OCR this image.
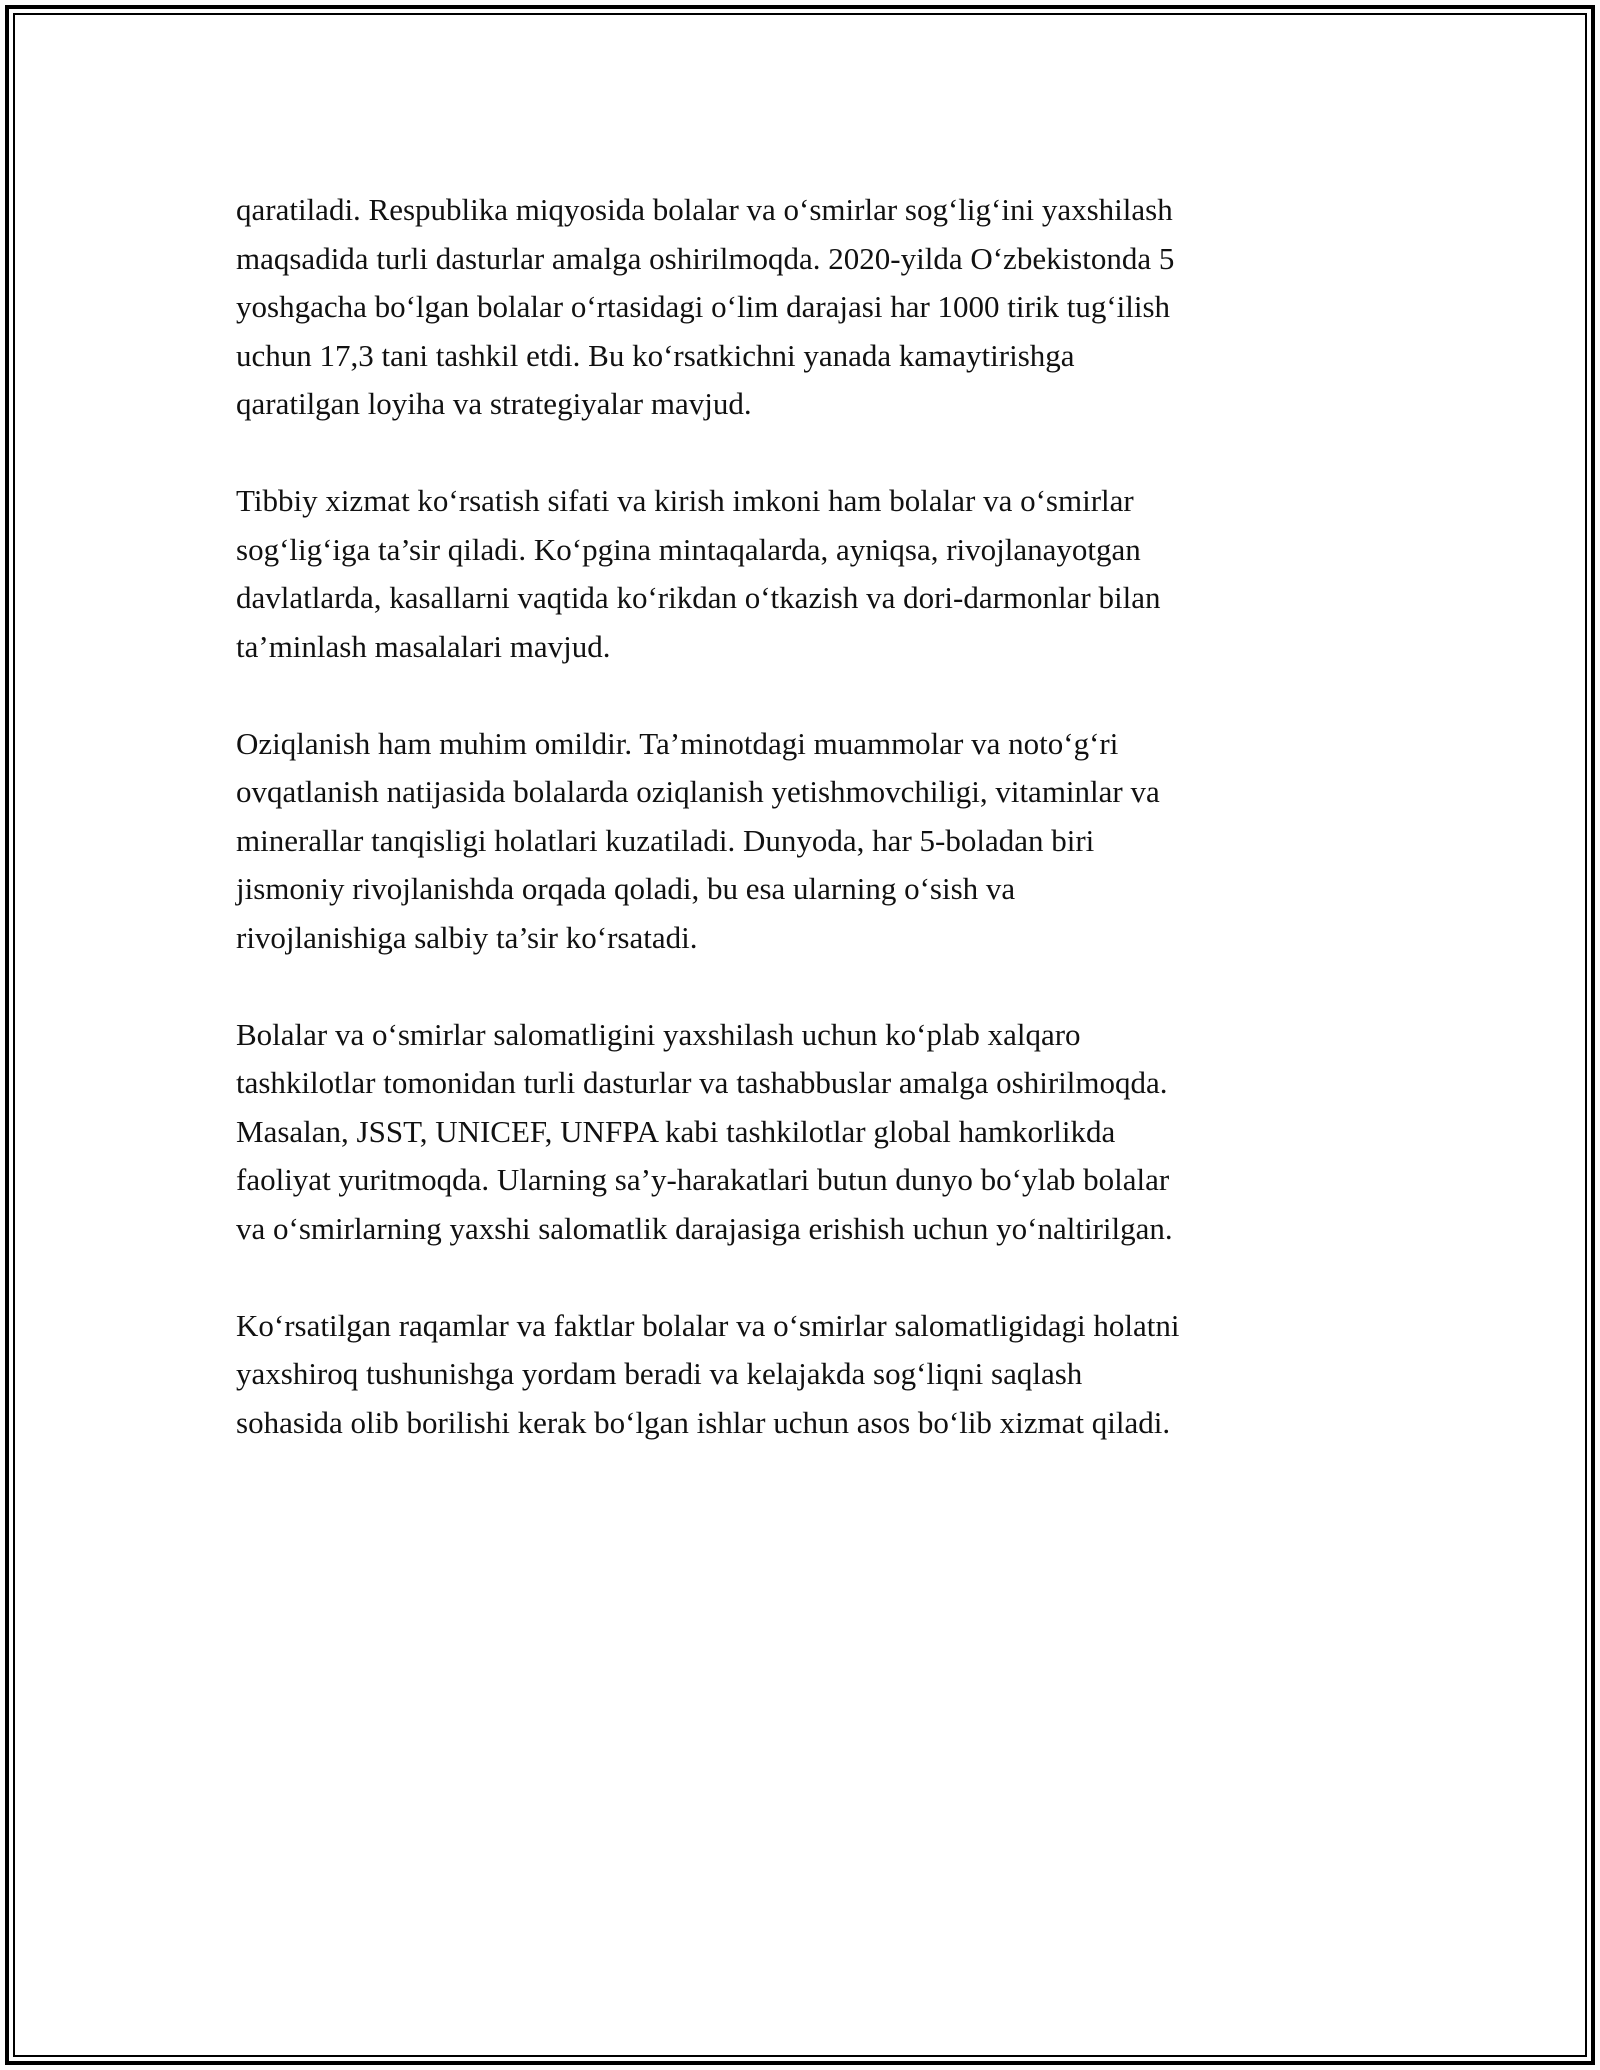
qaratiladi. Respublika miqyosida bolalar va o‘smirlar sog‘lig‘ini yaxshilash
maqsadida turli dasturlar amalga oshirilmoqda. 2020-yilda O‘zbekistonda 5
yoshgacha bo‘lgan bolalar o‘rtasidagi o‘lim darajasi har 1000 tirik tug‘ilish
uchun 17,3 tani tashkil etdi. Bu ko‘rsatkichni yanada kamaytirishga
qaratilgan loyiha va strategiyalar mavjud.
Tibbiy xizmat ko‘rsatish sifati va kirish imkoni ham bolalar va o‘smirlar
sog‘lig‘iga ta’sir qiladi. Ko‘pgina mintaqalarda, ayniqsa, rivojlanayotgan
davlatlarda, kasallarni vaqtida ko‘rikdan o‘tkazish va dori-darmonlar bilan
ta’minlash masalalari mavjud.
Oziqlanish ham muhim omildir. Ta’minotdagi muammolar va noto‘g‘ri
ovqatlanish natijasida bolalarda oziqlanish yetishmovchiligi, vitaminlar va
minerallar tanqisligi holatlari kuzatiladi. Dunyoda, har 5-boladan biri
jismoniy rivojlanishda orqada qoladi, bu esa ularning o‘sish va
rivojlanishiga salbiy ta’sir ko‘rsatadi.
Bolalar va o‘smirlar salomatligini yaxshilash uchun ko‘plab xalqaro
tashkilotlar tomonidan turli dasturlar va tashabbuslar amalga oshirilmoqda.
Masalan, JSST, UNICEF, UNFPA kabi tashkilotlar global hamkorlikda
faoliyat yuritmoqda. Ularning sa’y-harakatlari butun dunyo bo‘ylab bolalar
va o‘smirlarning yaxshi salomatlik darajasiga erishish uchun yo‘naltirilgan.
Ko‘rsatilgan raqamlar va faktlar bolalar va o‘smirlar salomatligidagi holatni
yaxshiroq tushunishga yordam beradi va kelajakda sog‘liqni saqlash
sohasida olib borilishi kerak bo‘lgan ishlar uchun asos bo‘lib xizmat qiladi.
